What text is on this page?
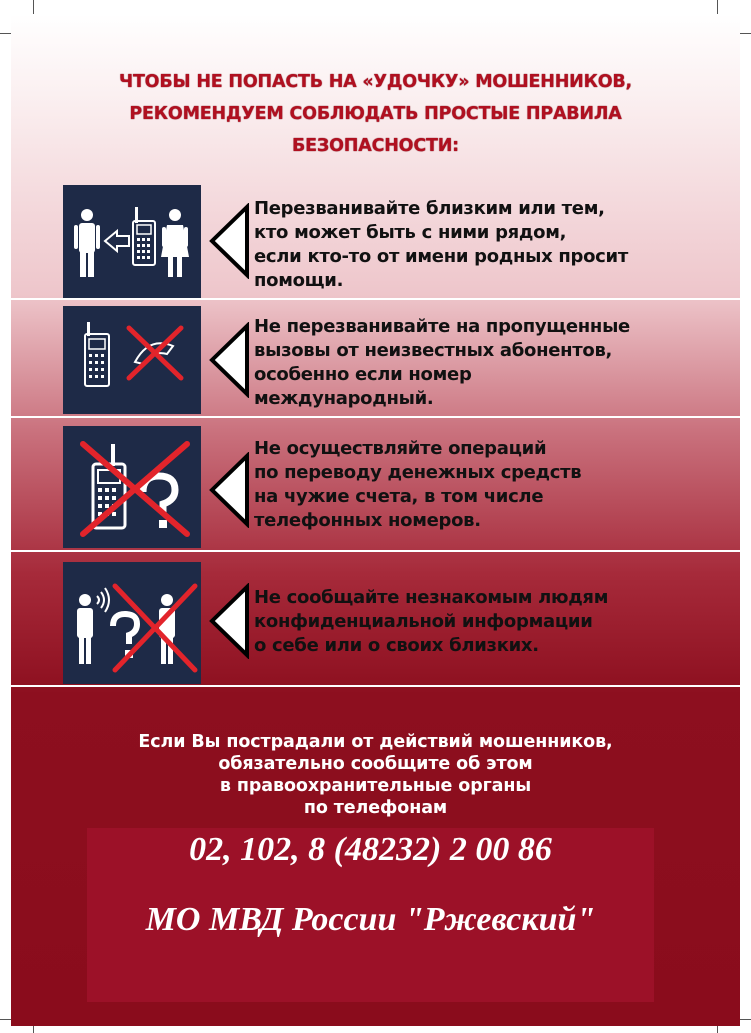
ЧТОБЫ НЕ ПОПАСТЬ НА «УДОЧКУ» МОШЕННИКОВ,
РЕКОМЕНДУЕМ СОБЛЮДАТЬ ПРОСТЫЕ ПРАВИЛА
БЕЗОПАСНОСТИ:
Перезванивайте близким или тем,
кто может быть с ними рядом,
если кто-то от имени родных просит
помощи.
Не перезванивайте на пропущенные
вызовы от неизвестных абонентов,
особенно если номер
международный.
Не осуществляйте операций
по переводу денежных средств
на чужие счета, в том числе
телефонных номеров.
Не сообщайте незнакомым людям
конфиденциальной информации
о себе или о своих близких.
Если Вы пострадали от действий мошенников,
обязательно сообщите об этом
в правоохранительные органы
по телефонам
02, 102, 8 (48232) 2 00 86
МО МВД России "Ржевский"
